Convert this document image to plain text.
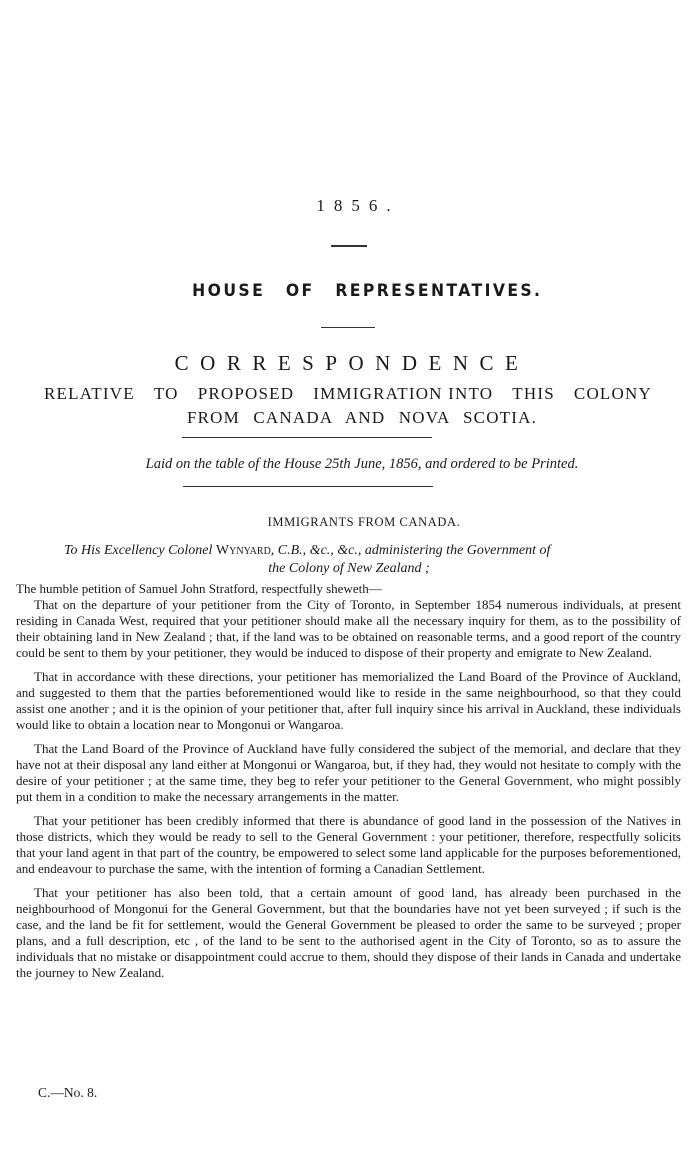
1856.
HOUSE OF REPRESENTATIVES.
CORRESPONDENCE
RELATIVE TO PROPOSED IMMIGRATION INTO THIS COLONY
FROM CANADA AND NOVA SCOTIA.
Laid on the table of the House 25th June, 1856, and ordered to be Printed.
IMMIGRANTS FROM CANADA.
To His Excellency Colonel Wynyard, C.B., &c., &c., administering the Government of
the Colony of New Zealand ;

The humble petition of Samuel John Stratford, respectfully sheweth—

That on the departure of your petitioner from the City of Toronto, in September 1854 numerous individuals, at present residing in Canada West, required that your petitioner should make all the necessary inquiry for them, as to the possibility of their obtaining land in New Zealand ; that, if the land was to be obtained on reasonable terms, and a good report of the country could be sent to them by your petitioner, they would be induced to dispose of their property and emigrate to New Zealand.

That in accordance with these directions, your petitioner has memorialized the Land Board of the Province of Auckland, and suggested to them that the parties beforementioned would like to reside in the same neighbourhood, so that they could assist one another ; and it is the opinion of your petitioner that, after full inquiry since his arrival in Auckland, these individuals would like to obtain a location near to Mongonui or Wangaroa.

That the Land Board of the Province of Auckland have fully considered the subject of the memorial, and declare that they have not at their disposal any land either at Mongonui or Wangaroa, but, if they had, they would not hesitate to comply with the desire of your petitioner ; at the same time, they beg to refer your petitioner to the General Government, who might possibly put them in a condition to make the necessary arrangements in the matter.

That your petitioner has been credibly informed that there is abundance of good land in the possession of the Natives in those districts, which they would be ready to sell to the General Government : your petitioner, therefore, respectfully solicits that your land agent in that part of the country, be empowered to select some land applicable for the purposes beforementioned, and endeavour to purchase the same, with the intention of forming a Canadian Settlement.

That your petitioner has also been told, that a certain amount of good land, has already been purchased in the neighbourhood of Mongonui for the General Government, but that the boundaries have not yet been surveyed ; if such is the case, and the land be fit for settlement, would the General Government be pleased to order the same to be surveyed ; proper plans, and a full description, etc , of the land to be sent to the authorised agent in the City of Toronto, so as to assure the individuals that no mistake or disappointment could accrue to them, should they dispose of their lands in Canada and undertake the journey to New Zealand.

C.—No. 8.
